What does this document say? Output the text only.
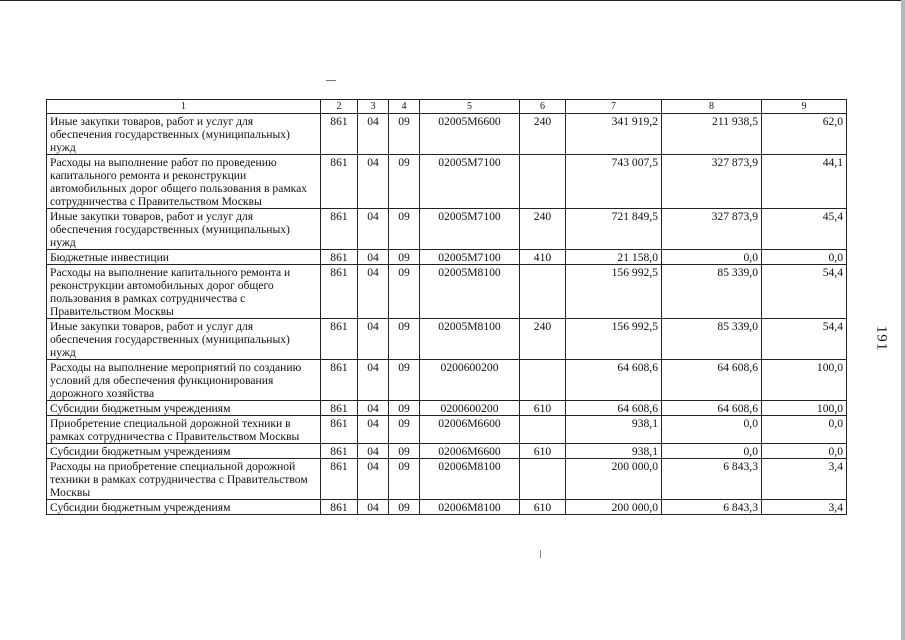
191
1	2	3	4	5	6	7	8	9
Иные закупки товаров, работ и услуг для обеспечения государственных (муниципальных) нужд	861	04	09	02005М6600	240	341 919,2	211 938,5	62,0
Расходы на выполнение работ по проведению капитального ремонта и реконструкции автомобильных дорог общего пользования в рамках сотрудничества с Правительством Москвы	861	04	09	02005М7100		743 007,5	327 873,9	44,1
Иные закупки товаров, работ и услуг для обеспечения государственных (муниципальных) нужд	861	04	09	02005М7100	240	721 849,5	327 873,9	45,4
Бюджетные инвестиции	861	04	09	02005М7100	410	21 158,0	0,0	0,0
Расходы на выполнение капитального ремонта и реконструкции автомобильных дорог общего пользования в рамках сотрудничества с Правительством Москвы	861	04	09	02005М8100		156 992,5	85 339,0	54,4
Иные закупки товаров, работ и услуг для обеспечения государственных (муниципальных) нужд	861	04	09	02005М8100	240	156 992,5	85 339,0	54,4
Расходы на выполнение мероприятий по созданию условий для обеспечения функционирования дорожного хозяйства	861	04	09	0200600200		64 608,6	64 608,6	100,0
Субсидии бюджетным учреждениям	861	04	09	0200600200	610	64 608,6	64 608,6	100,0
Приобретение специальной дорожной техники в рамках сотрудничества с Правительством Москвы	861	04	09	02006М6600		938,1	0,0	0,0
Субсидии бюджетным учреждениям	861	04	09	02006М6600	610	938,1	0,0	0,0
Расходы на приобретение специальной дорожной техники в рамках сотрудничества с Правительством Москвы	861	04	09	02006М8100		200 000,0	6 843,3	3,4
Субсидии бюджетным учреждениям	861	04	09	02006М8100	610	200 000,0	6 843,3	3,4
